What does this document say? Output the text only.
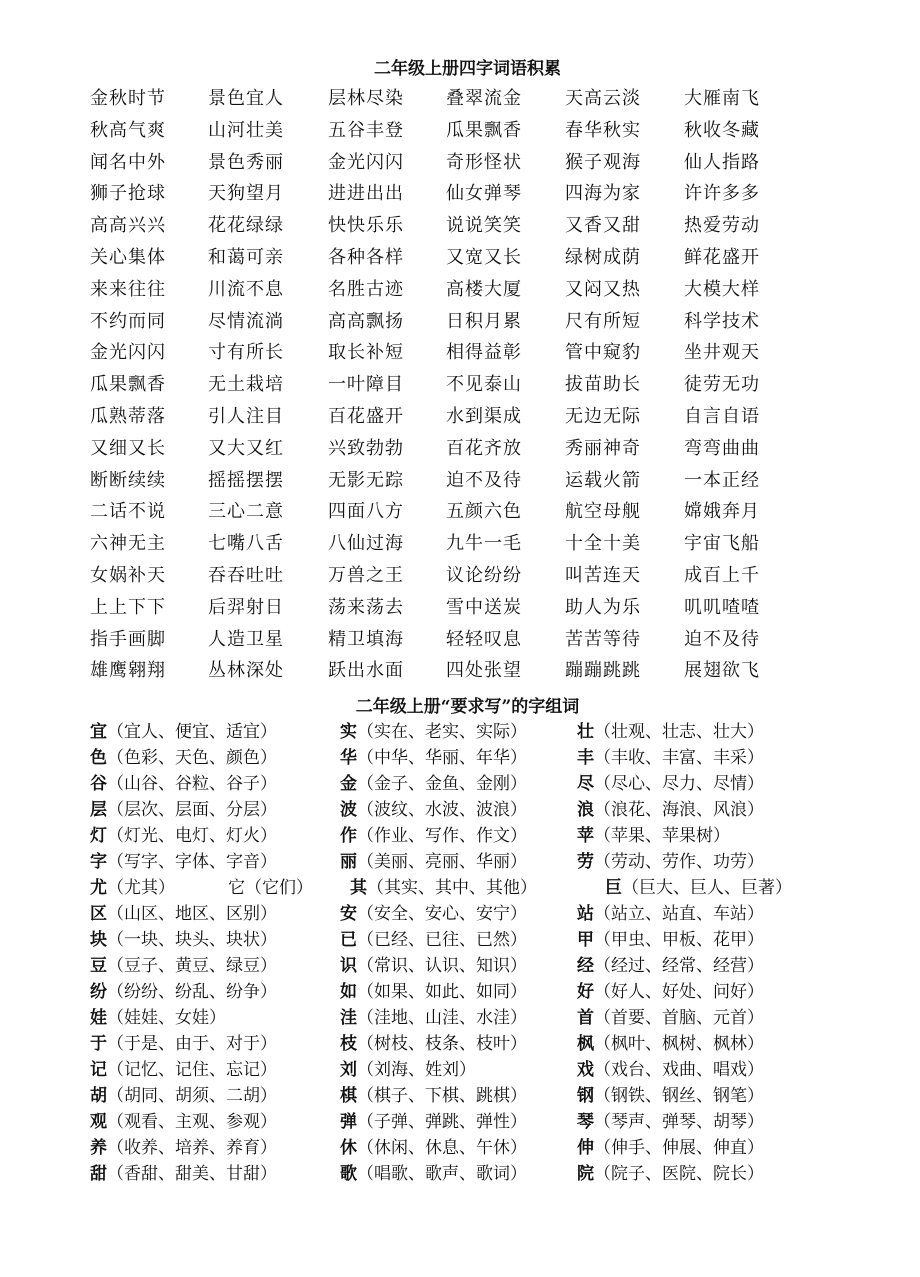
二年级上册四字词语积累
金秋时节 景色宜人 层林尽染 叠翠流金 天高云淡 大雁南飞
秋高气爽 山河壮美 五谷丰登 瓜果飘香 春华秋实 秋收冬藏
闻名中外 景色秀丽 金光闪闪 奇形怪状 猴子观海 仙人指路
狮子抢球 天狗望月 进进出出 仙女弹琴 四海为家 许许多多
高高兴兴 花花绿绿 快快乐乐 说说笑笑 又香又甜 热爱劳动
关心集体 和蔼可亲 各种各样 又宽又长 绿树成荫 鲜花盛开
来来往往 川流不息 名胜古迹 高楼大厦 又闷又热 大模大样
不约而同 尽情流淌 高高飘扬 日积月累 尺有所短 科学技术
金光闪闪 寸有所长 取长补短 相得益彰 管中窥豹 坐井观天
瓜果飘香 无土栽培 一叶障目 不见泰山 拔苗助长 徒劳无功
瓜熟蒂落 引人注目 百花盛开 水到渠成 无边无际 自言自语
又细又长 又大又红 兴致勃勃 百花齐放 秀丽神奇 弯弯曲曲
断断续续 摇摇摆摆 无影无踪 迫不及待 运载火箭 一本正经
二话不说 三心二意 四面八方 五颜六色 航空母舰 嫦娥奔月
六神无主 七嘴八舌 八仙过海 九牛一毛 十全十美 宇宙飞船
女娲补天 吞吞吐吐 万兽之王 议论纷纷 叫苦连天 成百上千
上上下下 后羿射日 荡来荡去 雪中送炭 助人为乐 叽叽喳喳
指手画脚 人造卫星 精卫填海 轻轻叹息 苦苦等待 迫不及待
雄鹰翱翔 丛林深处 跃出水面 四处张望 蹦蹦跳跳 展翅欲飞
二年级上册“要求写”的字组词
宜（宜人、便宜、适宜）	实（实在、老实、实际）	壮（壮观、壮志、壮大）
色（色彩、天色、颜色）	华（中华、华丽、年华）	丰（丰收、丰富、丰采）
谷（山谷、谷粒、谷子）	金（金子、金鱼、金刚）	尽（尽心、尽力、尽情）
层（层次、层面、分层）	波（波纹、水波、波浪）	浪（浪花、海浪、风浪）
灯（灯光、电灯、灯火）	作（作业、写作、作文）	苹（苹果、苹果树）
字（写字、字体、字音）	丽（美丽、亮丽、华丽）	劳（劳动、劳作、功劳）
尤（尤其）	它（它们） 其（其实、其中、其他）	巨（巨大、巨人、巨著）
区（山区、地区、区别）	安（安全、安心、安宁）	站（站立、站直、车站）
块（一块、块头、块状）	已（已经、已往、已然）	甲（甲虫、甲板、花甲）
豆（豆子、黄豆、绿豆）	识（常识、认识、知识）	经（经过、经常、经营）
纷（纷纷、纷乱、纷争）	如（如果、如此、如同）	好（好人、好处、问好）
娃（娃娃、女娃）	洼（洼地、山洼、水洼）	首（首要、首脑、元首）
于（于是、由于、对于）	枝（树枝、枝条、枝叶）	枫（枫叶、枫树、枫林）
记（记忆、记住、忘记）	刘（刘海、姓刘）	戏（戏台、戏曲、唱戏）
胡（胡同、胡须、二胡）	棋（棋子、下棋、跳棋）	钢（钢铁、钢丝、钢笔）
观（观看、主观、参观）	弹（子弹、弹跳、弹性）	琴（琴声、弹琴、胡琴）
养（收养、培养、养育）	休（休闲、休息、午休）	伸（伸手、伸展、伸直）
甜（香甜、甜美、甘甜）	歌（唱歌、歌声、歌词）	院（院子、医院、院长）
